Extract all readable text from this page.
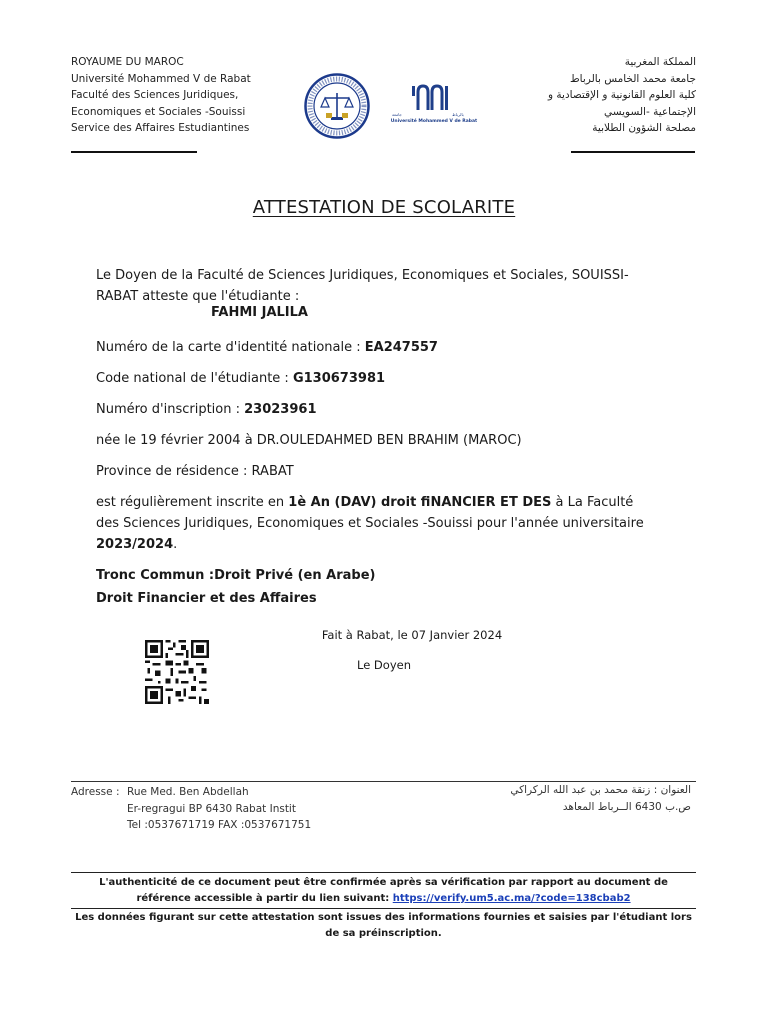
ROYAUME DU MAROC
Université Mohammed V de Rabat
Faculté des Sciences Juridiques,
Economiques et Sociales -Souissi
Service des Affaires Estudiantines
ﺟﺎﻣﻌﺔ	ﺑﺎﻟﺮﺑﺎﻁ
Université Mohammed V de Rabat
المملكة المغربية
جامعة محمد الخامس بالرباط
كلية العلوم القانونية و الإقتصادية و
الإجتماعية -السويسي
مصلحة الشؤون الطلابية
ATTESTATION DE SCOLARITE
Le Doyen de la Faculté de Sciences Juridiques, Economiques et Sociales, SOUISSI-RABAT atteste que l'étudiante :
FAHMI JALILA
Numéro de la carte d'identité nationale : EA247557
Code national de l'étudiante : G130673981
Numéro d'inscription : 23023961
née le 19 février 2004 à DR.OULEDAHMED BEN BRAHIM (MAROC)
Province de résidence : RABAT
est régulièrement inscrite en 1è An (DAV) droit fiNANCIER ET DES à La Faculté des Sciences Juridiques, Economiques et Sociales -Souissi pour l'année universitaire 2023/2024.
Tronc Commun :Droit Privé (en Arabe)
Droit Financier et des Affaires
Fait à Rabat, le 07 Janvier 2024
Le Doyen
Adresse : Rue Med. Ben Abdellah
Er-regragui BP 6430 Rabat Instit
Tel :0537671719 FAX :0537671751
العنوان : زنقة محمد بن عبد الله الركراكي
ص.ب 6430 الــرباط المعاهد
L'authenticité de ce document peut être confirmée après sa vérification par rapport au document de référence accessible à partir du lien suivant: https://verify.um5.ac.ma/?code=138cbab2
Les données figurant sur cette attestation sont issues des informations fournies et saisies par l'étudiant lors de sa préinscription.
